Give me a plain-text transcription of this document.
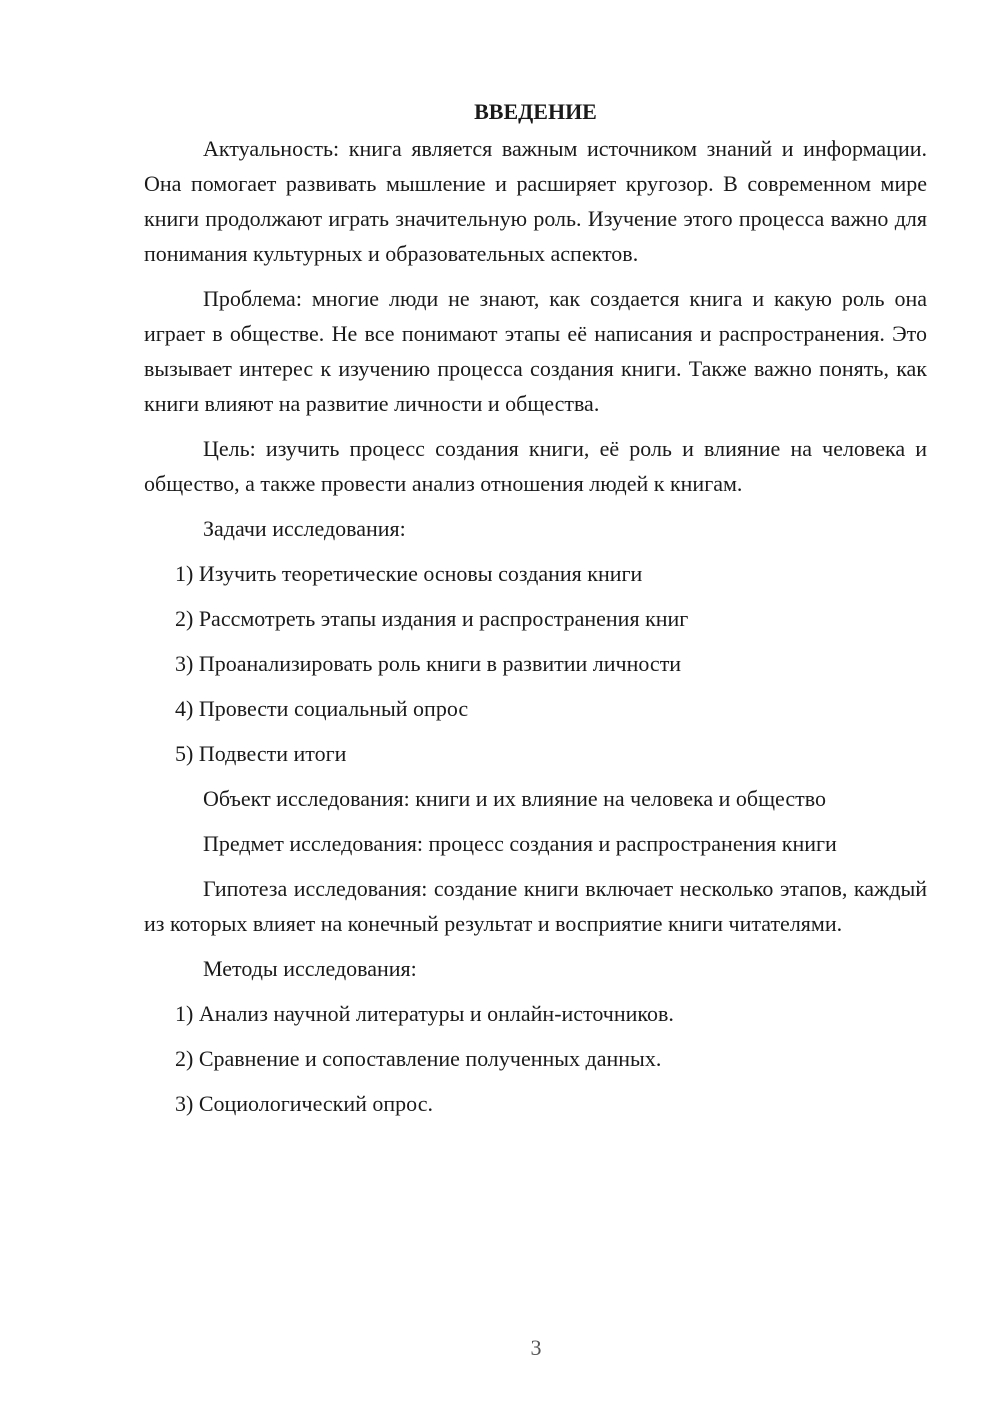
ВВЕДЕНИЕ

Актуальность: книга является важным источником знаний и информации. Она помогает развивать мышление и расширяет кругозор. В современном мире книги продолжают играть значительную роль. Изучение этого процесса важно для понимания культурных и образовательных аспектов.

Проблема: многие люди не знают, как создается книга и какую роль она играет в обществе. Не все понимают этапы её написания и распространения. Это вызывает интерес к изучению процесса создания книги. Также важно понять, как книги влияют на развитие личности и общества.

Цель: изучить процесс создания книги, её роль и влияние на человека и общество, а также провести анализ отношения людей к книгам.

Задачи исследования:
1) Изучить теоретические основы создания книги
2) Рассмотреть этапы издания и распространения книг
3) Проанализировать роль книги в развитии личности
4) Провести социальный опрос
5) Подвести итоги
Объект исследования: книги и их влияние на человека и общество
Предмет исследования: процесс создания и распространения книги

Гипотеза исследования: создание книги включает несколько этапов, каждый из которых влияет на конечный результат и восприятие книги читателями.

Методы исследования:
1) Анализ научной литературы и онлайн-источников.
2) Сравнение и сопоставление полученных данных.
3) Социологический опрос.
3
